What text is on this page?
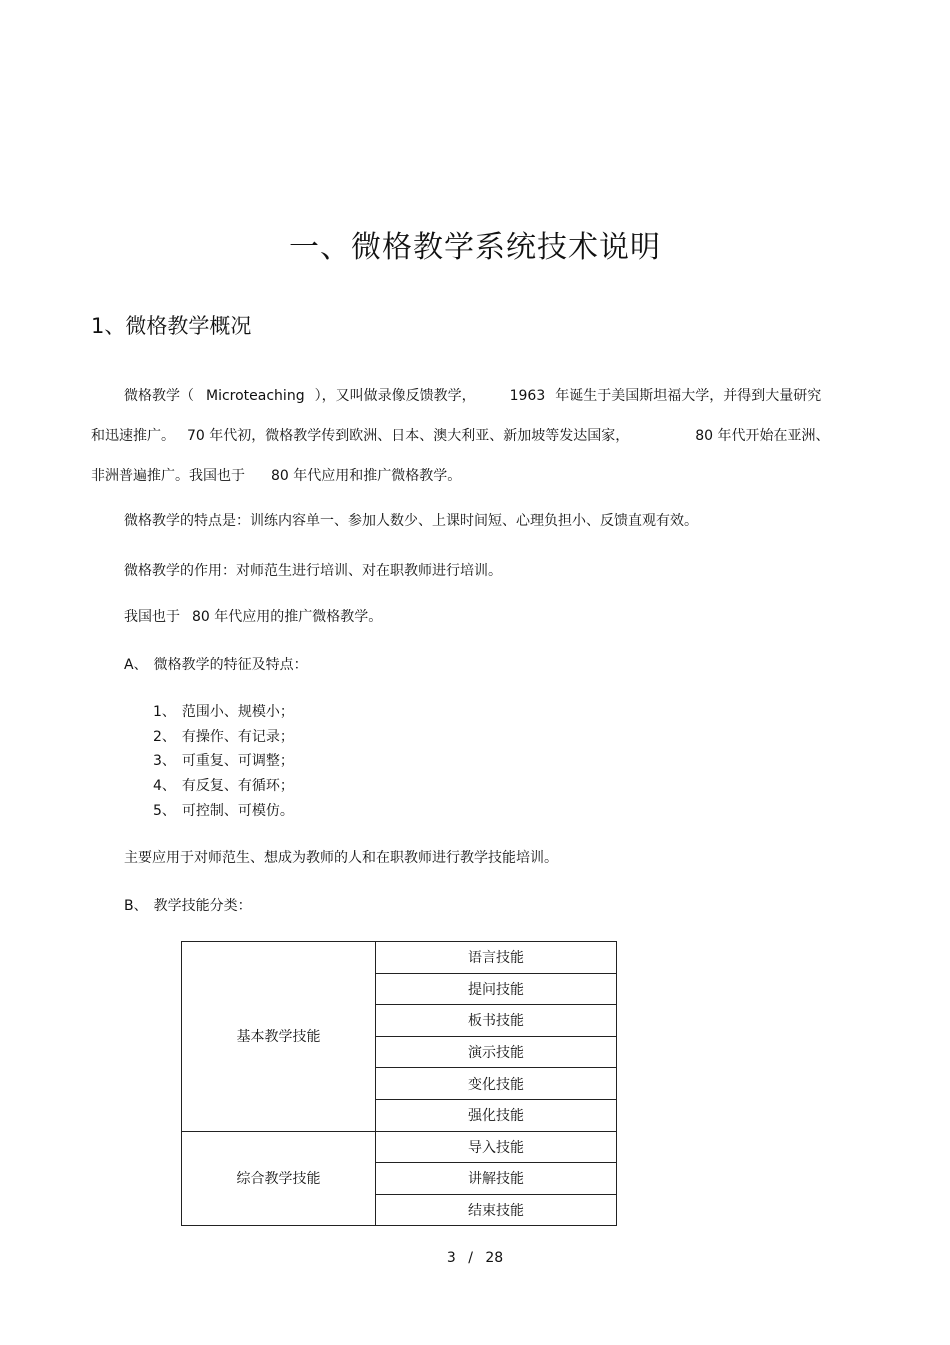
一、微格教学系统技术说明
1、微格教学概况
微格教学（ Microteaching ），又叫做录像反馈教学， 1963 年诞生于美国斯坦福大学，并得到大量研究
和迅速推广。 70 年代初，微格教学传到欧洲、日本、澳大利亚、新加坡等发达国家，	80 年代开始在亚洲、
非洲普遍推广。我国也于 80 年代应用和推广微格教学。
微格教学的特点是：训练内容单一、参加人数少、上课时间短、心理负担小、反馈直观有效。
微格教学的作用：对师范生进行培训、对在职教师进行培训。
我国也于 80 年代应用的推广微格教学。
A、 微格教学的特征及特点：
1、 范围小、规模小；
2、 有操作、有记录；
3、 可重复、可调整；
4、 有反复、有循环；
5、 可控制、可模仿。
主要应用于对师范生、想成为教师的人和在职教师进行教学技能培训。
B、 教学技能分类：
基本教学技能	语言技能
	提问技能
	板书技能
	演示技能
	变化技能
	强化技能
综合教学技能	导入技能
	讲解技能
	结束技能
3 / 28
